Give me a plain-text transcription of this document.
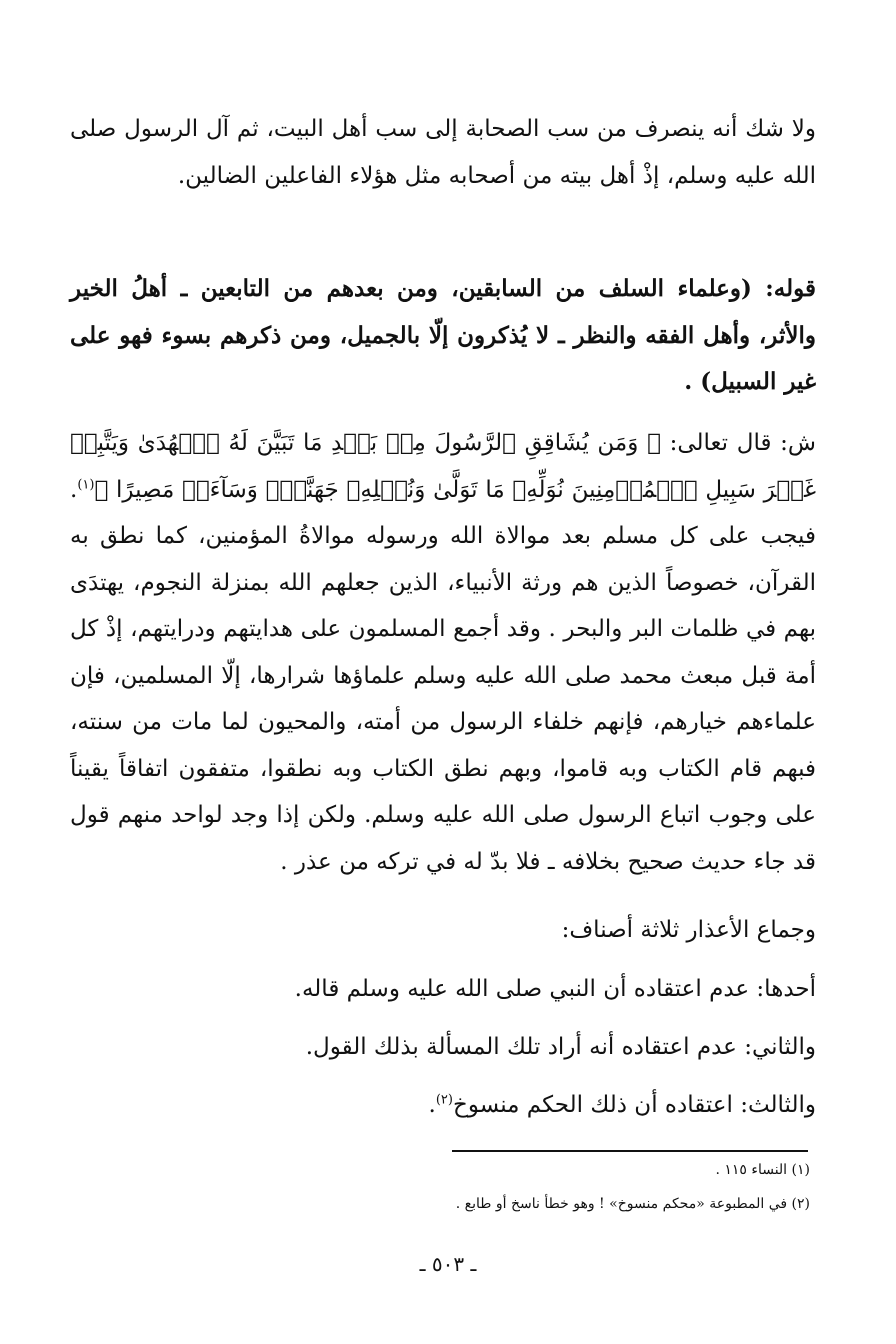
ولا شك أنه ينصرف من سب الصحابة إلى سب أهل البيت، ثم آل الرسول صلى الله عليه وسلم، إذْ أهل بيته من أصحابه مثل هؤلاء الفاعلين الضالين.

قوله: (وعلماء السلف من السابقين، ومن بعدهم من التابعين ـ أهلُ الخير والأثر، وأهل الفقه والنظر ـ لا يُذكرون إلّا بالجميل، ومن ذكرهم بسوء فهو على غير السبيل) .

ش: قال تعالى: ﴿ وَمَن يُشَاقِقِ ٱلرَّسُولَ مِنۢ بَعۡدِ مَا تَبَيَّنَ لَهُ ٱلۡهُدَىٰ وَيَتَّبِعۡ غَيۡرَ سَبِيلِ ٱلۡمُؤۡمِنِينَ نُوَلِّهِۦ مَا تَوَلَّىٰ وَنُصۡلِهِۦ جَهَنَّمَۖ وَسَآءَتۡ مَصِيرًا ﴾$^{(١)}$. فيجب على كل مسلم بعد موالاة الله ورسوله موالاةُ المؤمنين، كما نطق به القرآن، خصوصاً الذين هم ورثة الأنبياء، الذين جعلهم الله بمنزلة النجوم، يهتدَى بهم في ظلمات البر والبحر . وقد أجمع المسلمون على هدايتهم ودرايتهم، إذْ كل أمة قبل مبعث محمد صلى الله عليه وسلم علماؤها شرارها، إلّا المسلمين، فإن علماءهم خيارهم، فإنهم خلفاء الرسول من أمته، والمحيون لما مات من سنته، فبهم قام الكتاب وبه قاموا، وبهم نطق الكتاب وبه نطقوا، متفقون اتفاقاً يقيناً على وجوب اتباع الرسول صلى الله عليه وسلم. ولكن إذا وجد لواحد منهم قول قد جاء حديث صحيح بخلافه ـ فلا بدّ له في تركه من عذر .

وجماع الأعذار ثلاثة أصناف:

أحدها: عدم اعتقاده أن النبي صلى الله عليه وسلم قاله.
والثاني: عدم اعتقاده أنه أراد تلك المسألة بذلك القول.
والثالث: اعتقاده أن ذلك الحكم منسوخ$^{(٢)}$.
(١) النساء ١١٥ .
(٢) في المطبوعة «محكم منسوخ» ! وهو خطأ ناسخ أو طابع .
ـ ٥٠٣ ـ
